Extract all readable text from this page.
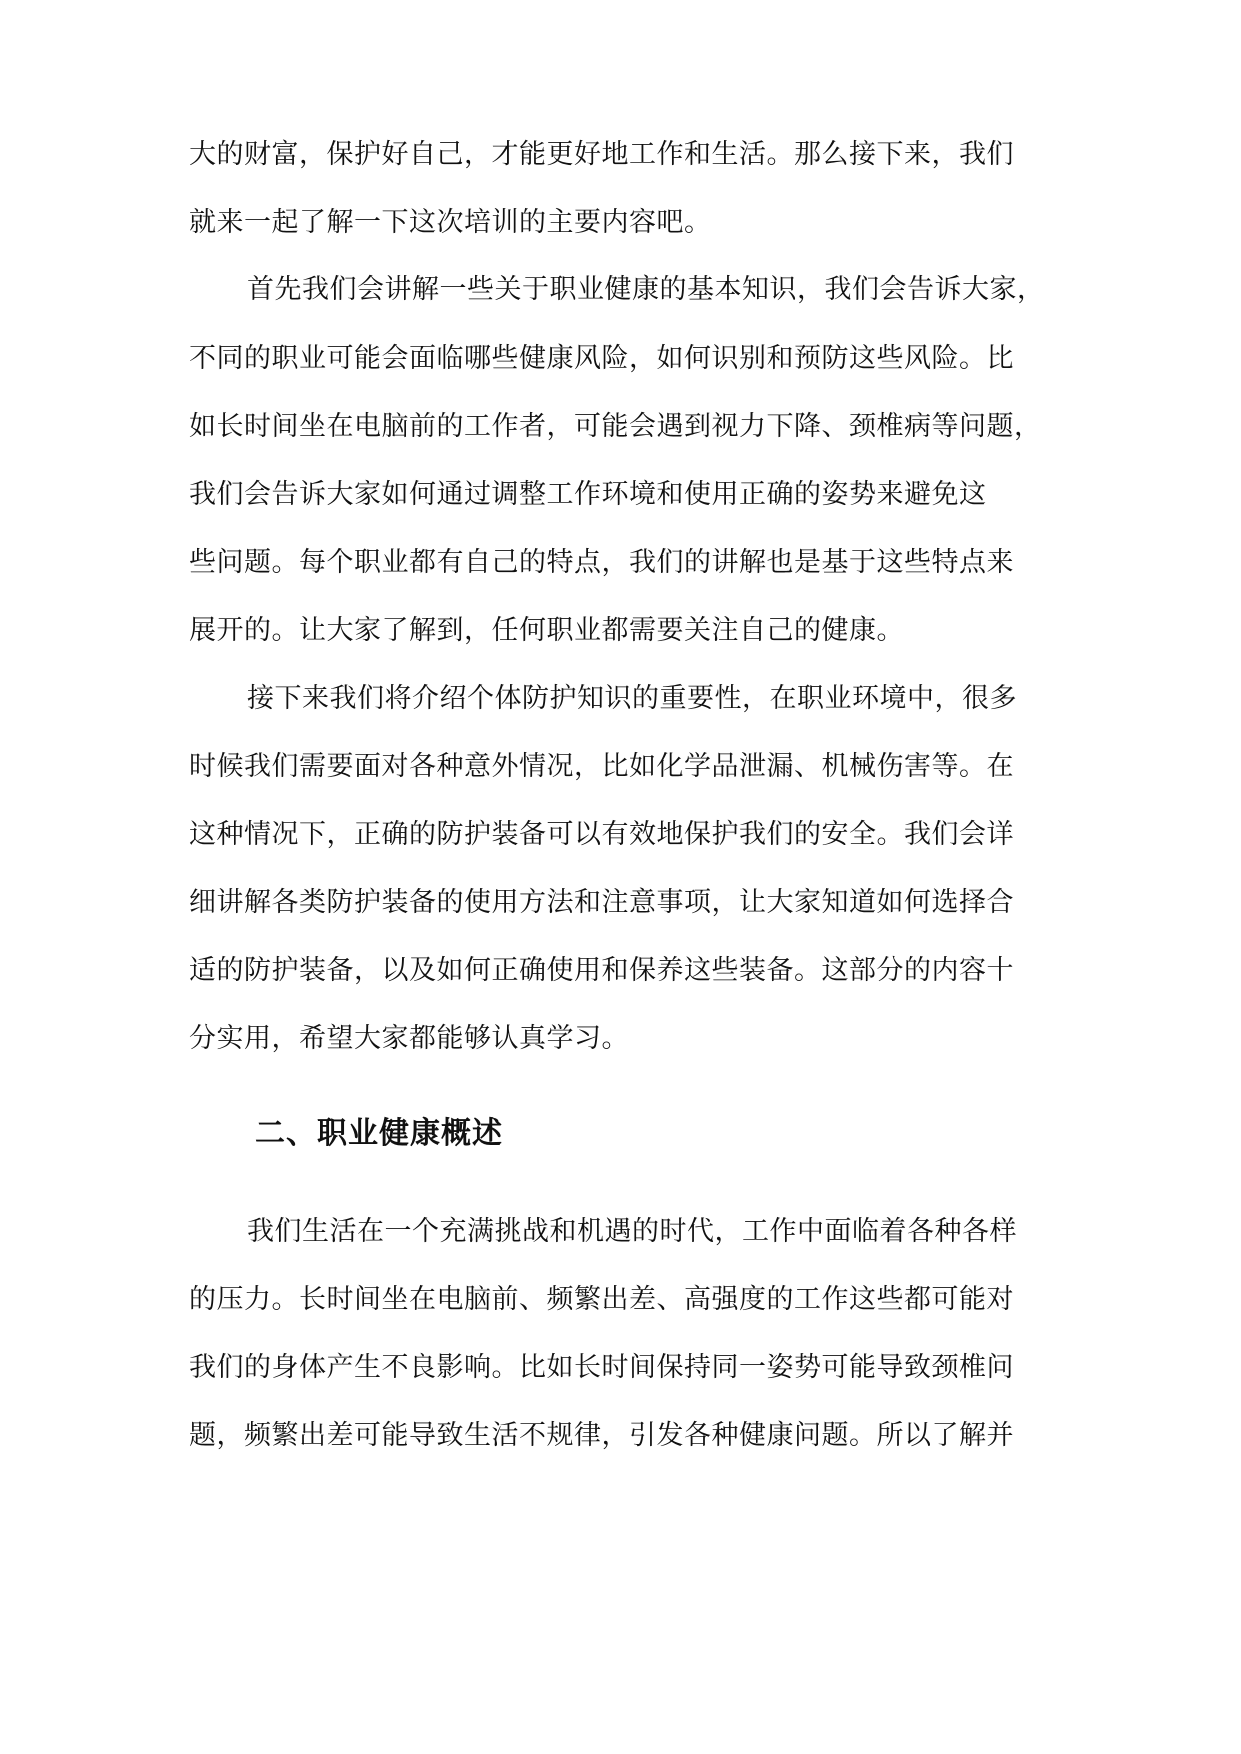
大的财富，保护好自己，才能更好地工作和生活。那么接下来，我们

就来一起了解一下这次培训的主要内容吧。

首先我们会讲解一些关于职业健康的基本知识，我们会告诉大家，

不同的职业可能会面临哪些健康风险，如何识别和预防这些风险。比

如长时间坐在电脑前的工作者，可能会遇到视力下降、颈椎病等问题，

我们会告诉大家如何通过调整工作环境和使用正确的姿势来避免这

些问题。每个职业都有自己的特点，我们的讲解也是基于这些特点来

展开的。让大家了解到，任何职业都需要关注自己的健康。

接下来我们将介绍个体防护知识的重要性，在职业环境中，很多

时候我们需要面对各种意外情况，比如化学品泄漏、机械伤害等。在

这种情况下，正确的防护装备可以有效地保护我们的安全。我们会详

细讲解各类防护装备的使用方法和注意事项，让大家知道如何选择合

适的防护装备，以及如何正确使用和保养这些装备。这部分的内容十

分实用，希望大家都能够认真学习。

二、职业健康概述

我们生活在一个充满挑战和机遇的时代，工作中面临着各种各样

的压力。长时间坐在电脑前、频繁出差、高强度的工作这些都可能对

我们的身体产生不良影响。比如长时间保持同一姿势可能导致颈椎问

题，频繁出差可能导致生活不规律，引发各种健康问题。所以了解并
